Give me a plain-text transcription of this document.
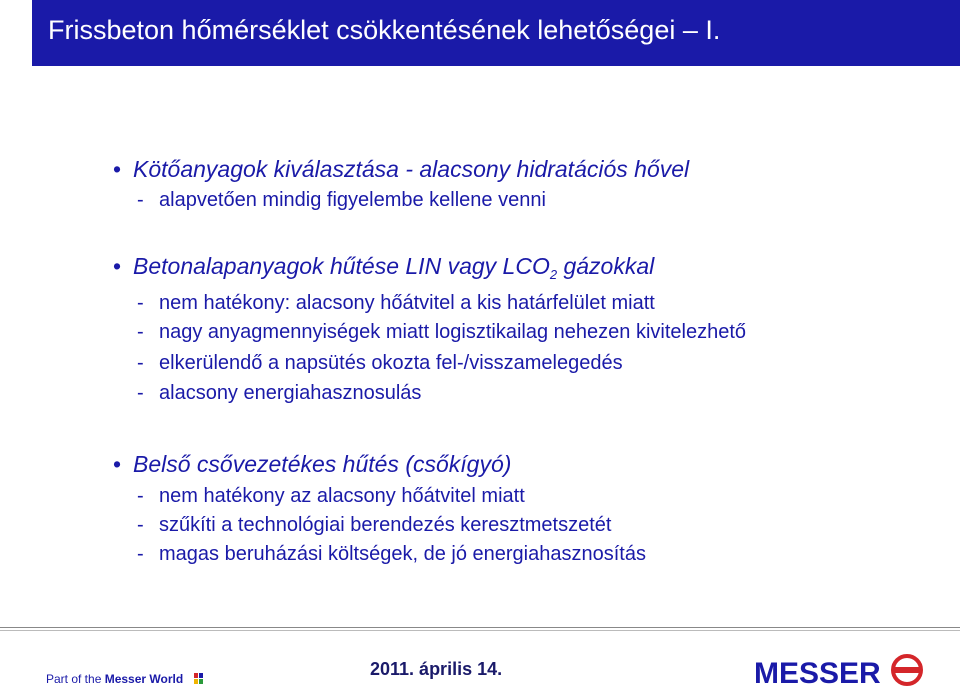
Frissbeton hőmérséklet csökkentésének lehetőségei – I.
• Kötőanyagok kiválasztása - alacsony hidratációs hővel
- alapvetően mindig figyelembe kellene venni
• Betonalapanyagok hűtése LIN vagy $LCO_2$ gázokkal
- nem hatékony: alacsony hőátvitel a kis határfelület miatt
- nagy anyagmennyiségek miatt logisztikailag nehezen kivitelezhető
- elkerülendő a napsütés okozta fel-/visszamelegedés
- alacsony energiahasznosulás
• Belső csővezetékes hűtés (csőkígyó)
- nem hatékony az alacsony hőátvitel miatt
- szűkíti a technológiai berendezés keresztmetszetét
- magas beruházási költségek, de jó energiahasznosítás
Part of the Messer World	2011. április 14.	MESSER
